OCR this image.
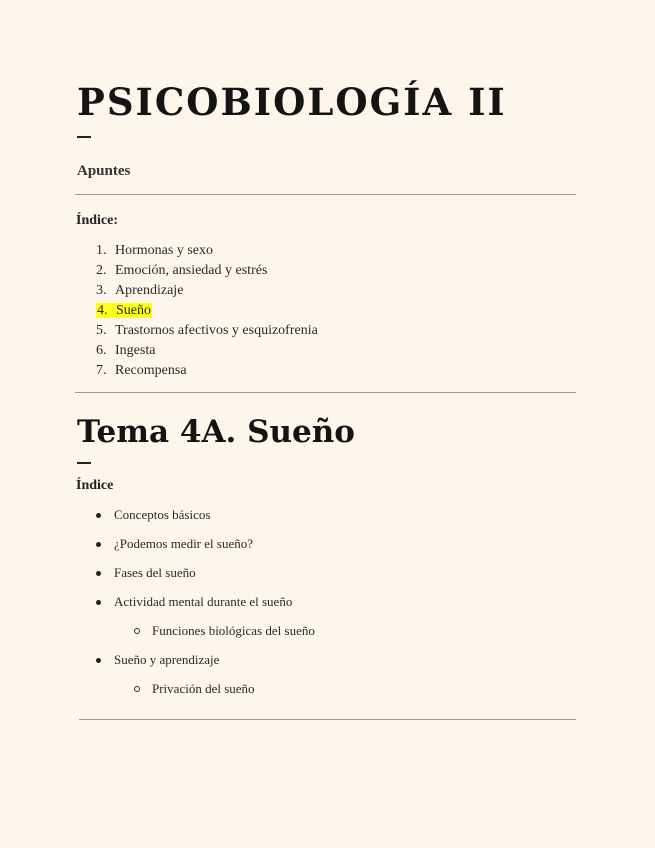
PSICOBIOLOGÍA II

Apuntes

Índice:

1. Hormonas y sexo
2. Emoción, ansiedad y estrés
3. Aprendizaje
4. Sueño
5. Trastornos afectivos y esquizofrenia
6. Ingesta
7. Recompensa
Tema 4A. Sueño

Índice

Conceptos básicos
¿Podemos medir el sueño?
Fases del sueño
Actividad mental durante el sueño
Funciones biológicas del sueño
Sueño y aprendizaje
Privación del sueño
